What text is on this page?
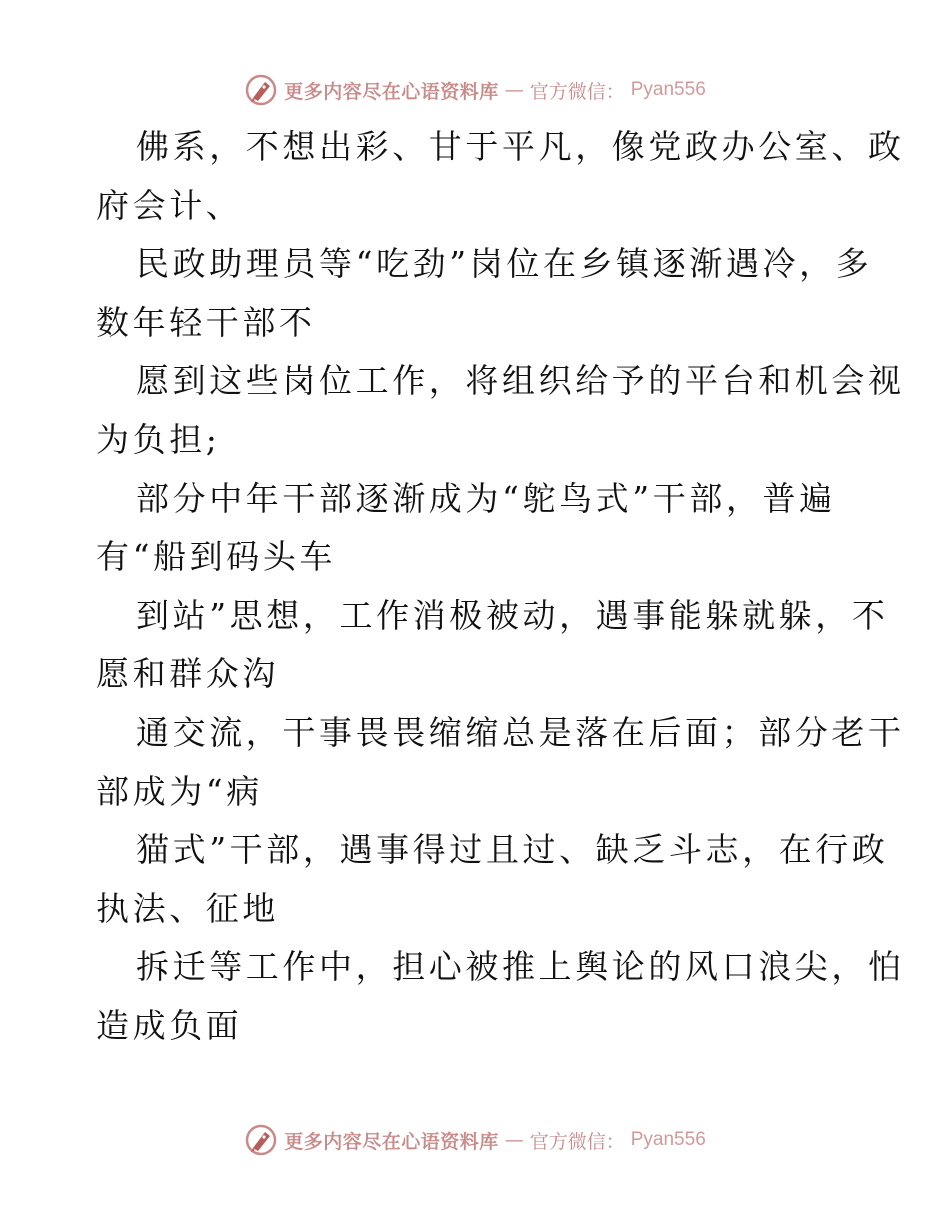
更多内容尽在心语资料库 — 官方微信： Pyan556
佛系，不想出彩、甘于平凡，像党政办公室、政
府会计、
民政助理员等“吃劲”岗位在乡镇逐渐遇冷，多
数年轻干部不
愿到这些岗位工作，将组织给予的平台和机会视
为负担;
部分中年干部逐渐成为“鸵鸟式”干部，普遍
有“船到码头车
到站”思想，工作消极被动，遇事能躲就躲，不
愿和群众沟
通交流，干事畏畏缩缩总是落在后面；部分老干
部成为“病
猫式”干部，遇事得过且过、缺乏斗志，在行政
执法、征地
拆迁等工作中，担心被推上舆论的风口浪尖，怕
造成负面
更多内容尽在心语资料库 — 官方微信： Pyan556
